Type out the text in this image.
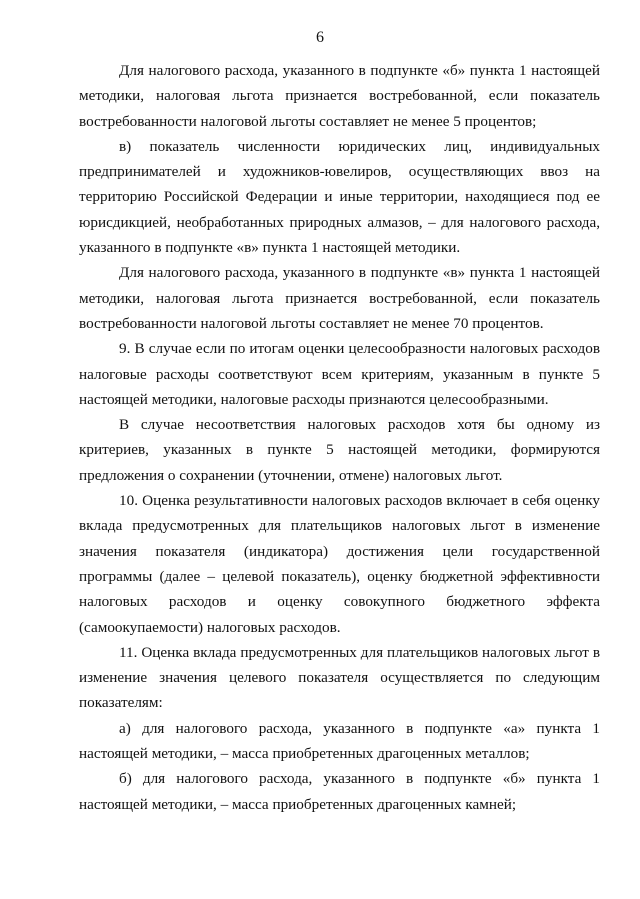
6

Для налогового расхода, указанного в подпункте «б» пункта 1 настоящей методики, налоговая льгота признается востребованной, если показатель востребованности налоговой льготы составляет не менее 5 процентов;

в) показатель численности юридических лиц, индивидуальных предпринимателей и художников-ювелиров, осуществляющих ввоз на территорию Российской Федерации и иные территории, находящиеся под ее юрисдикцией, необработанных природных алмазов, – для налогового расхода, указанного в подпункте «в» пункта 1 настоящей методики.

Для налогового расхода, указанного в подпункте «в» пункта 1 настоящей методики, налоговая льгота признается востребованной, если показатель востребованности налоговой льготы составляет не менее 70 процентов.

9. В случае если по итогам оценки целесообразности налоговых расходов налоговые расходы соответствуют всем критериям, указанным в пункте 5 настоящей методики, налоговые расходы признаются целесообразными.

В случае несоответствия налоговых расходов хотя бы одному из критериев, указанных в пункте 5 настоящей методики, формируются предложения о сохранении (уточнении, отмене) налоговых льгот.

10. Оценка результативности налоговых расходов включает в себя оценку вклада предусмотренных для плательщиков налоговых льгот в изменение значения показателя (индикатора) достижения цели государственной программы (далее – целевой показатель), оценку бюджетной эффективности налоговых расходов и оценку совокупного бюджетного эффекта (самоокупаемости) налоговых расходов.

11. Оценка вклада предусмотренных для плательщиков налоговых льгот в изменение значения целевого показателя осуществляется по следующим показателям:

а) для налогового расхода, указанного в подпункте «а» пункта 1 настоящей методики, – масса приобретенных драгоценных металлов;

б) для налогового расхода, указанного в подпункте «б» пункта 1 настоящей методики, – масса приобретенных драгоценных камней;
